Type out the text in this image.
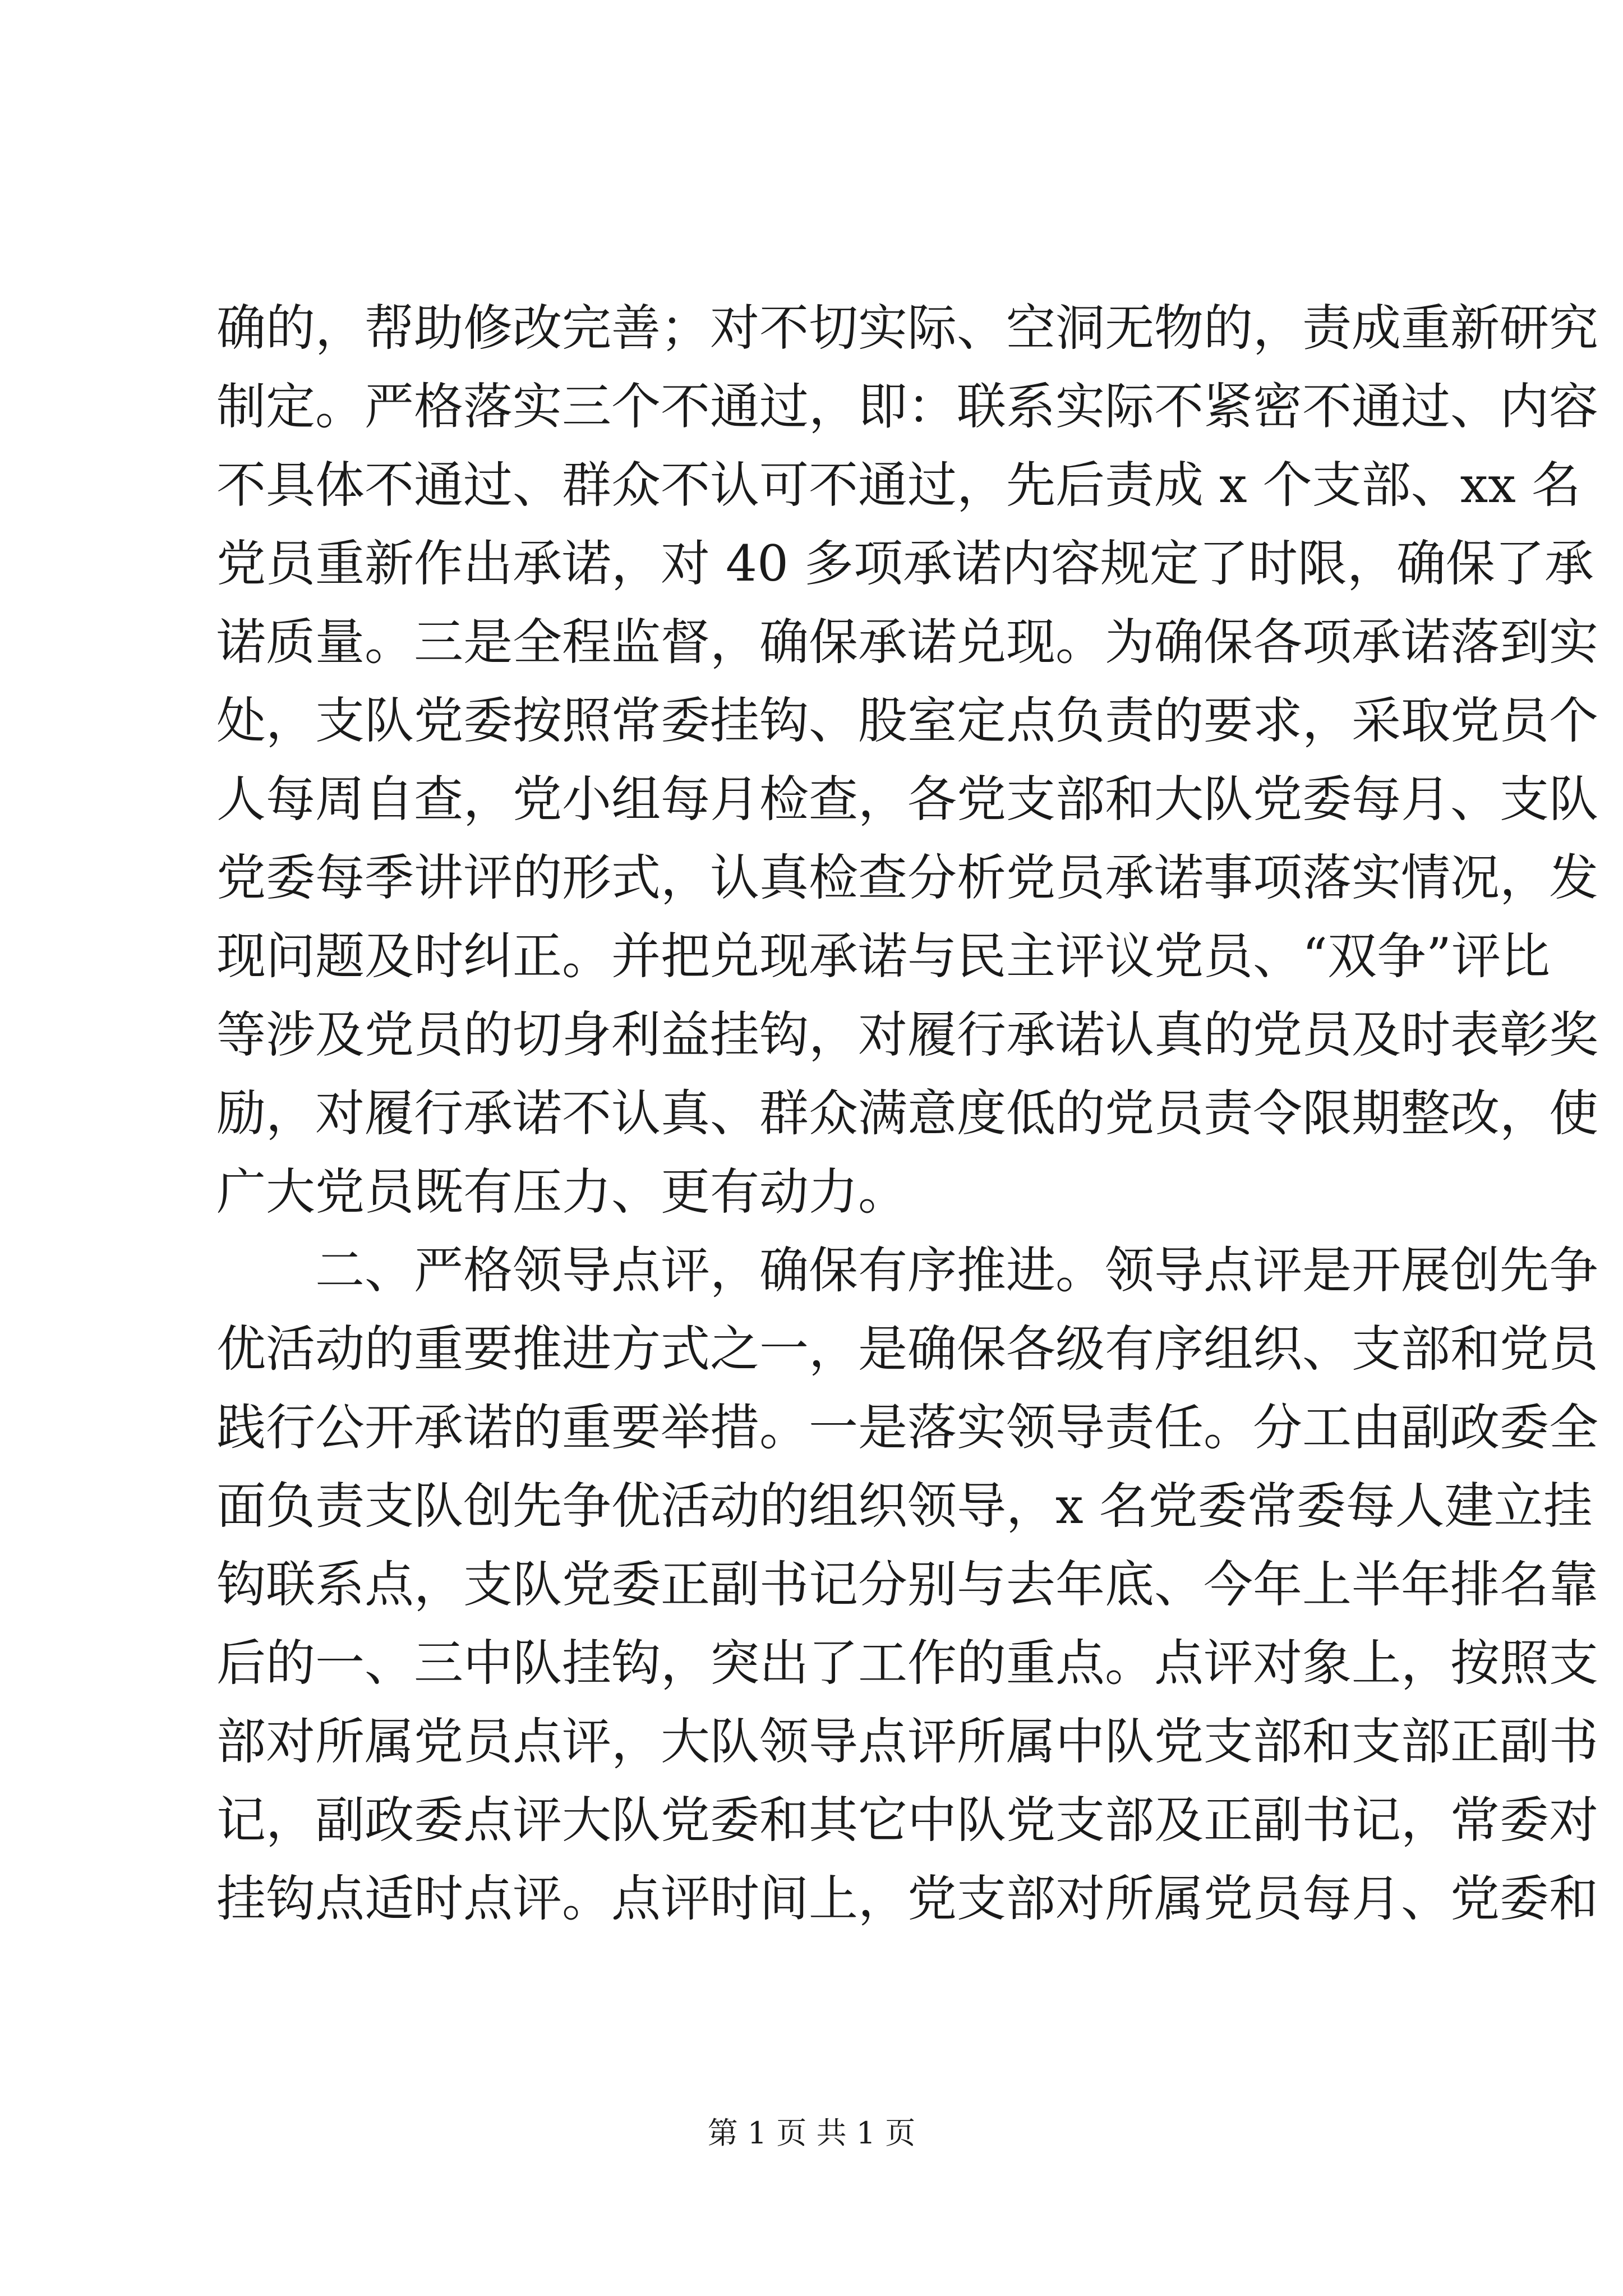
确的，帮助修改完善；对不切实际、空洞无物的，责成重新研究
制定。严格落实三个不通过，即：联系实际不紧密不通过、内容
不具体不通过、群众不认可不通过，先后责成 x 个支部、xx 名
党员重新作出承诺，对 40 多项承诺内容规定了时限，确保了承
诺质量。三是全程监督，确保承诺兑现。为确保各项承诺落到实
处，支队党委按照常委挂钩、股室定点负责的要求，采取党员个
人每周自查，党小组每月检查，各党支部和大队党委每月、支队
党委每季讲评的形式，认真检查分析党员承诺事项落实情况，发
现问题及时纠正。并把兑现承诺与民主评议党员、“双争”评比
等涉及党员的切身利益挂钩，对履行承诺认真的党员及时表彰奖
励，对履行承诺不认真、群众满意度低的党员责令限期整改，使
广大党员既有压力、更有动力。
二、严格领导点评，确保有序推进。领导点评是开展创先争
优活动的重要推进方式之一，是确保各级有序组织、支部和党员
践行公开承诺的重要举措。一是落实领导责任。分工由副政委全
面负责支队创先争优活动的组织领导，x 名党委常委每人建立挂
钩联系点，支队党委正副书记分别与去年底、今年上半年排名靠
后的一、三中队挂钩，突出了工作的重点。点评对象上，按照支
部对所属党员点评，大队领导点评所属中队党支部和支部正副书
记，副政委点评大队党委和其它中队党支部及正副书记，常委对
挂钩点适时点评。点评时间上，党支部对所属党员每月、党委和
第 1 页 共 1 页
